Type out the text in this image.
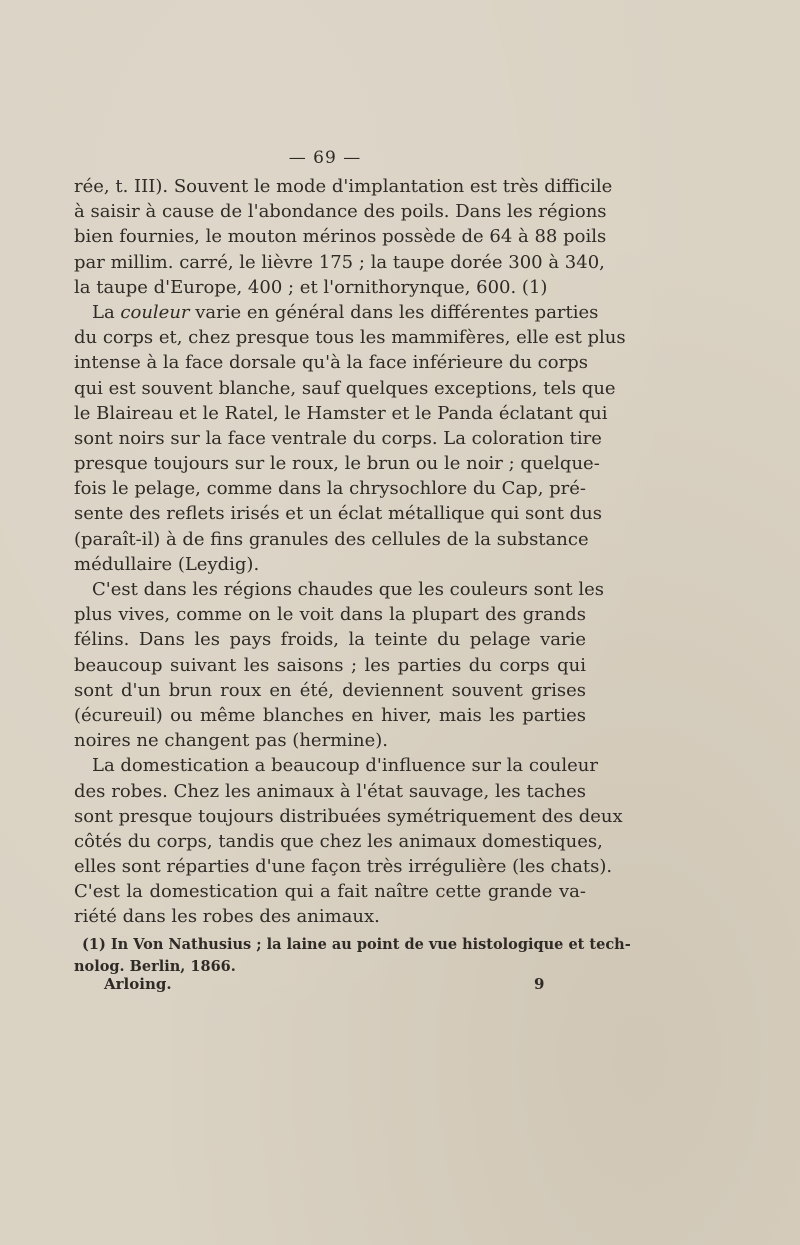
— 69 —
rée, t. III). Souvent le mode d'implantation est très difficile
à saisir à cause de l'abondance des poils. Dans les régions
bien fournies, le mouton mérinos possède de 64 à 88 poils
par millim. carré, le lièvre 175 ; la taupe dorée 300 à 340,
la taupe d'Europe, 400 ; et l'ornithorynque, 600. (1)
La couleur varie en général dans les différentes parties
du corps et, chez presque tous les mammifères, elle est plus
intense à la face dorsale qu'à la face inférieure du corps
qui est souvent blanche, sauf quelques exceptions, tels que
le Blaireau et le Ratel, le Hamster et le Panda éclatant qui
sont noirs sur la face ventrale du corps. La coloration tire
presque toujours sur le roux, le brun ou le noir ; quelque-
fois le pelage, comme dans la chrysochlore du Cap, pré-
sente des reflets irisés et un éclat métallique qui sont dus
(paraît-il) à de fins granules des cellules de la substance
médullaire (Leydig).
C'est dans les régions chaudes que les couleurs sont les
plus vives, comme on le voit dans la plupart des grands
félins. Dans les pays froids, la teinte du pelage varie
beaucoup suivant les saisons ; les parties du corps qui
sont d'un brun roux en été, deviennent souvent grises
(écureuil) ou même blanches en hiver, mais les parties
noires ne changent pas (hermine).
La domestication a beaucoup d'influence sur la couleur
des robes. Chez les animaux à l'état sauvage, les taches
sont presque toujours distribuées symétriquement des deux
côtés du corps, tandis que chez les animaux domestiques,
elles sont réparties d'une façon très irrégulière (les chats).
C'est la domestication qui a fait naître cette grande va-
riété dans les robes des animaux.
(1) In Von Nathusius ; la laine au point de vue histologique et tech-
nolog. Berlin, 1866.
Arloing.	9
